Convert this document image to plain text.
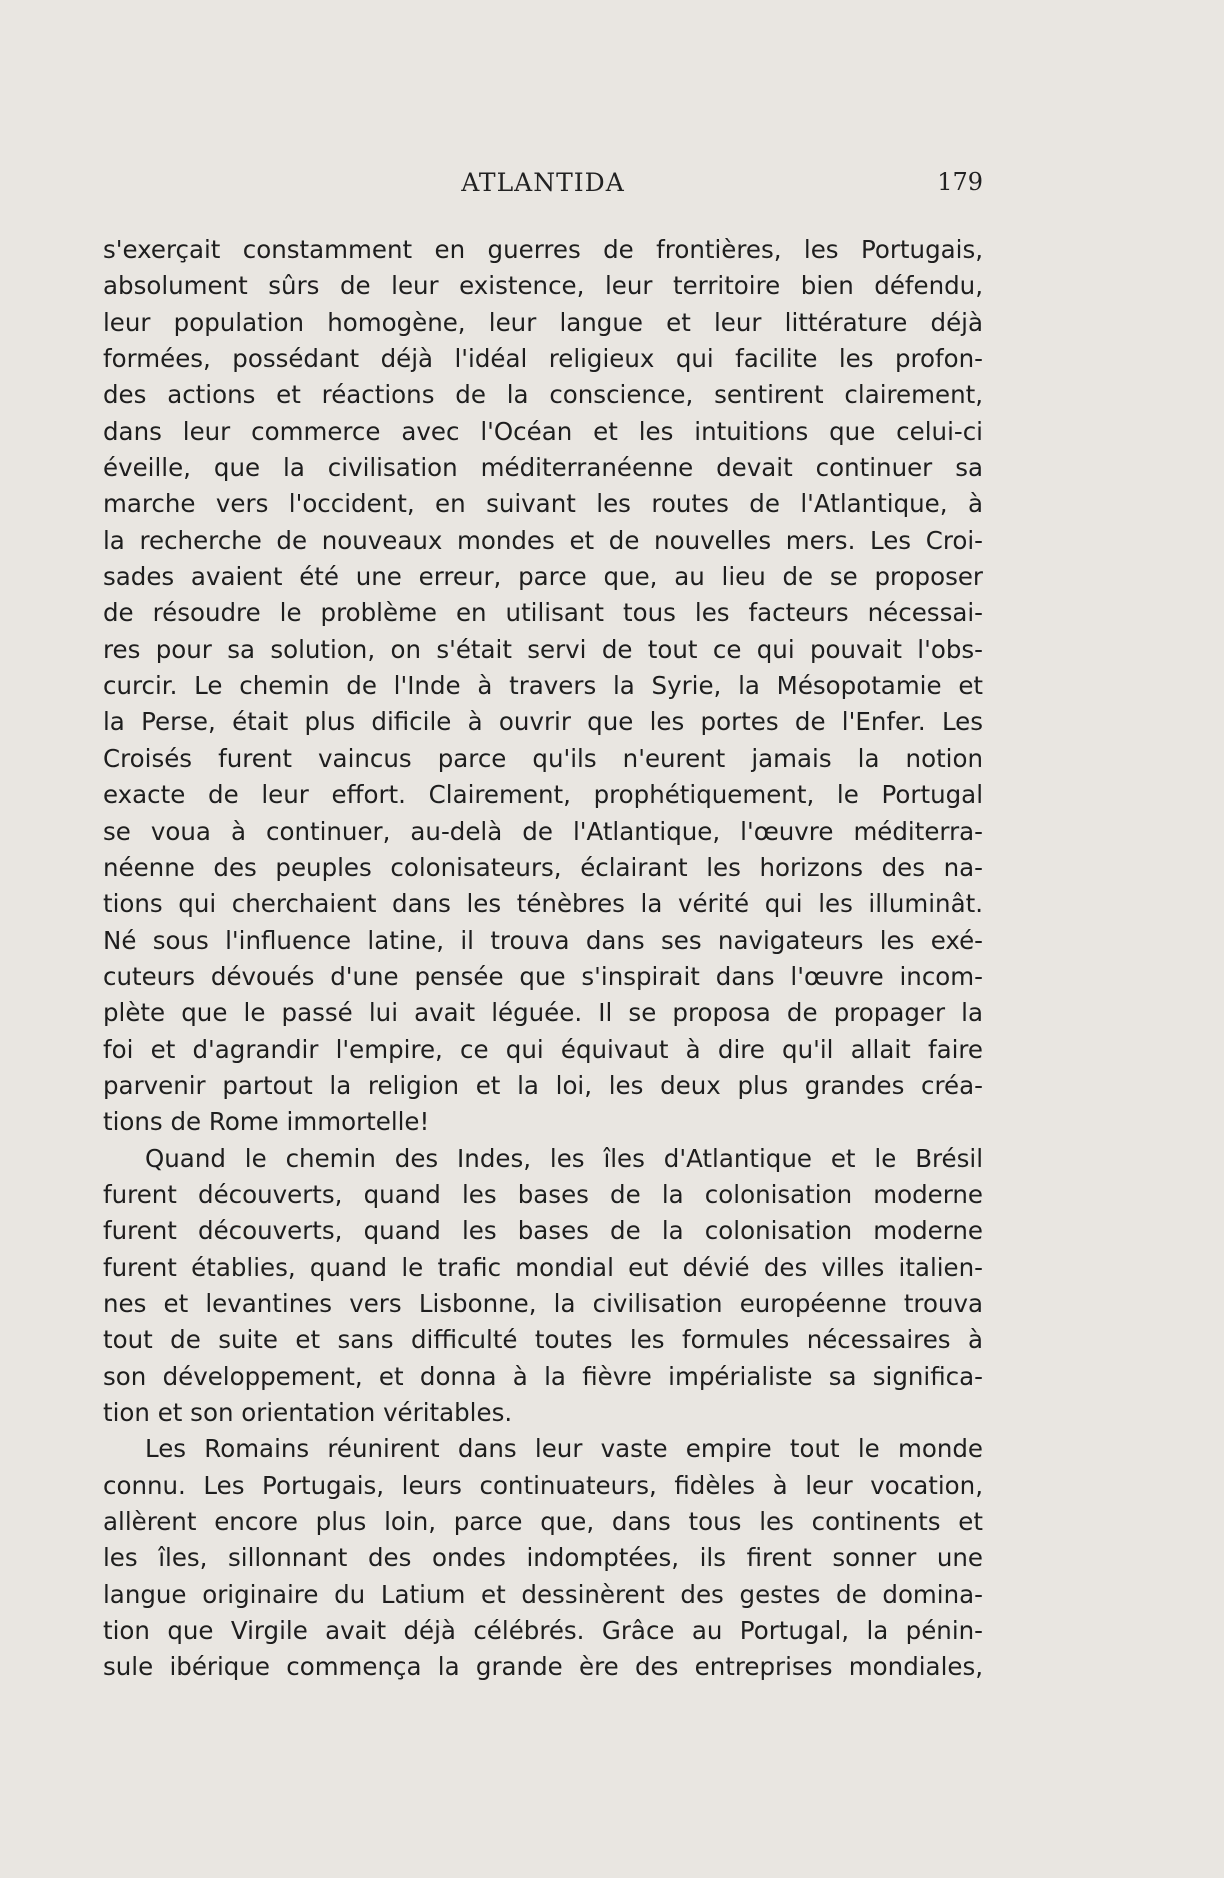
ATLANTIDA	179
s'exerçait constamment en guerres de frontières, les Portugais,
absolument sûrs de leur existence, leur territoire bien défendu,
leur population homogène, leur langue et leur littérature déjà
formées, possédant déjà l'idéal religieux qui facilite les profon-
des actions et réactions de la conscience, sentirent clairement,
dans leur commerce avec l'Océan et les intuitions que celui-ci
éveille, que la civilisation méditerranéenne devait continuer sa
marche vers l'occident, en suivant les routes de l'Atlantique, à
la recherche de nouveaux mondes et de nouvelles mers. Les Croi-
sades avaient été une erreur, parce que, au lieu de se proposer
de résoudre le problème en utilisant tous les facteurs nécessai-
res pour sa solution, on s'était servi de tout ce qui pouvait l'obs-
curcir. Le chemin de l'Inde à travers la Syrie, la Mésopotamie et
la Perse, était plus dificile à ouvrir que les portes de l'Enfer. Les
Croisés furent vaincus parce qu'ils n'eurent jamais la notion
exacte de leur effort. Clairement, prophétiquement, le Portugal
se voua à continuer, au-delà de l'Atlantique, l'œuvre méditerra-
néenne des peuples colonisateurs, éclairant les horizons des na-
tions qui cherchaient dans les ténèbres la vérité qui les illuminât.
Né sous l'influence latine, il trouva dans ses navigateurs les exé-
cuteurs dévoués d'une pensée que s'inspirait dans l'œuvre incom-
plète que le passé lui avait léguée. Il se proposa de propager la
foi et d'agrandir l'empire, ce qui équivaut à dire qu'il allait faire
parvenir partout la religion et la loi, les deux plus grandes créa-
tions de Rome immortelle!
Quand le chemin des Indes, les îles d'Atlantique et le Brésil
furent découverts, quand les bases de la colonisation moderne
furent découverts, quand les bases de la colonisation moderne
furent établies, quand le trafic mondial eut dévié des villes italien-
nes et levantines vers Lisbonne, la civilisation européenne trouva
tout de suite et sans difficulté toutes les formules nécessaires à
son développement, et donna à la fièvre impérialiste sa significa-
tion et son orientation véritables.
Les Romains réunirent dans leur vaste empire tout le monde
connu. Les Portugais, leurs continuateurs, fidèles à leur vocation,
allèrent encore plus loin, parce que, dans tous les continents et
les îles, sillonnant des ondes indomptées, ils firent sonner une
langue originaire du Latium et dessinèrent des gestes de domina-
tion que Virgile avait déjà célébrés. Grâce au Portugal, la pénin-
sule ibérique commença la grande ère des entreprises mondiales,
